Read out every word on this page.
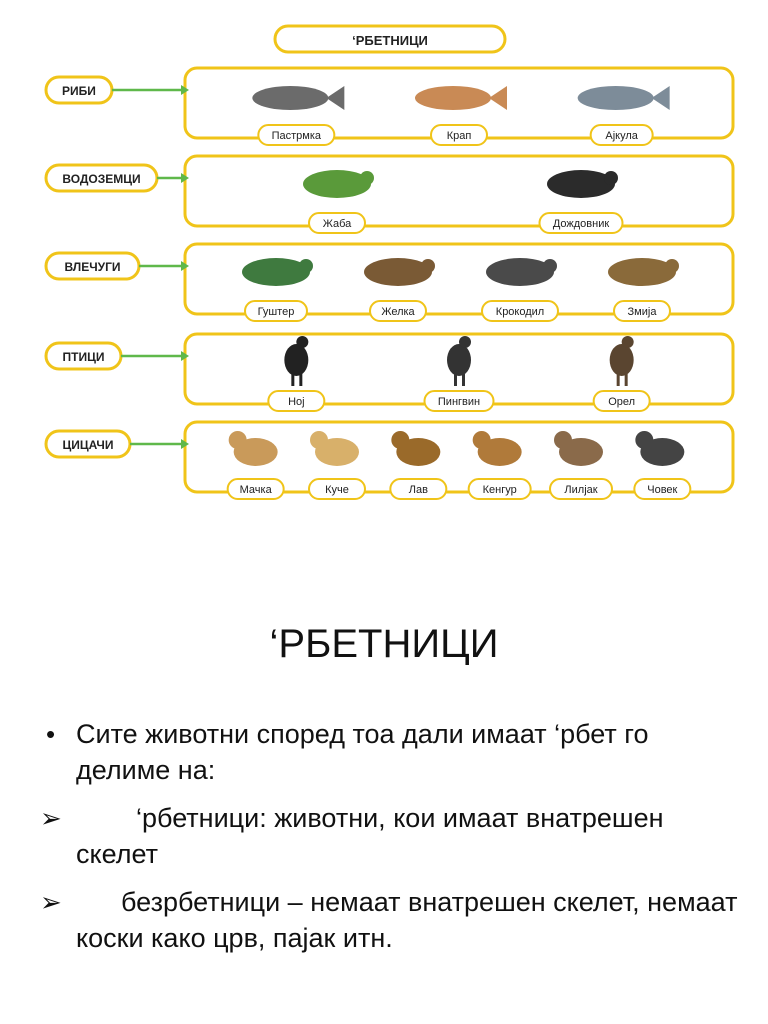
‘РБЕТНИЦИ
РИБИ
Пастрмка	Крап	Ајкула
ВОДОЗЕМЦИ
Жаба	Дождовник
ВЛЕЧУГИ
Гуштер	Желка	Крокодил	Змија
ПТИЦИ
Ној	Пингвин	Орел
ЦИЦАЧИ
Мачка	Куче	Лав	Кенгур	Лилјак	Човек
‘РБЕТНИЦИ
• Сите животни според тоа дали имаат ‘рбет го делиме на:
➢	‘рбетници: животни, кои имаат внатрешен скелет
➢ безрбетници – немаат внатрешен скелет, немаат коски како црв, пајак итн.
